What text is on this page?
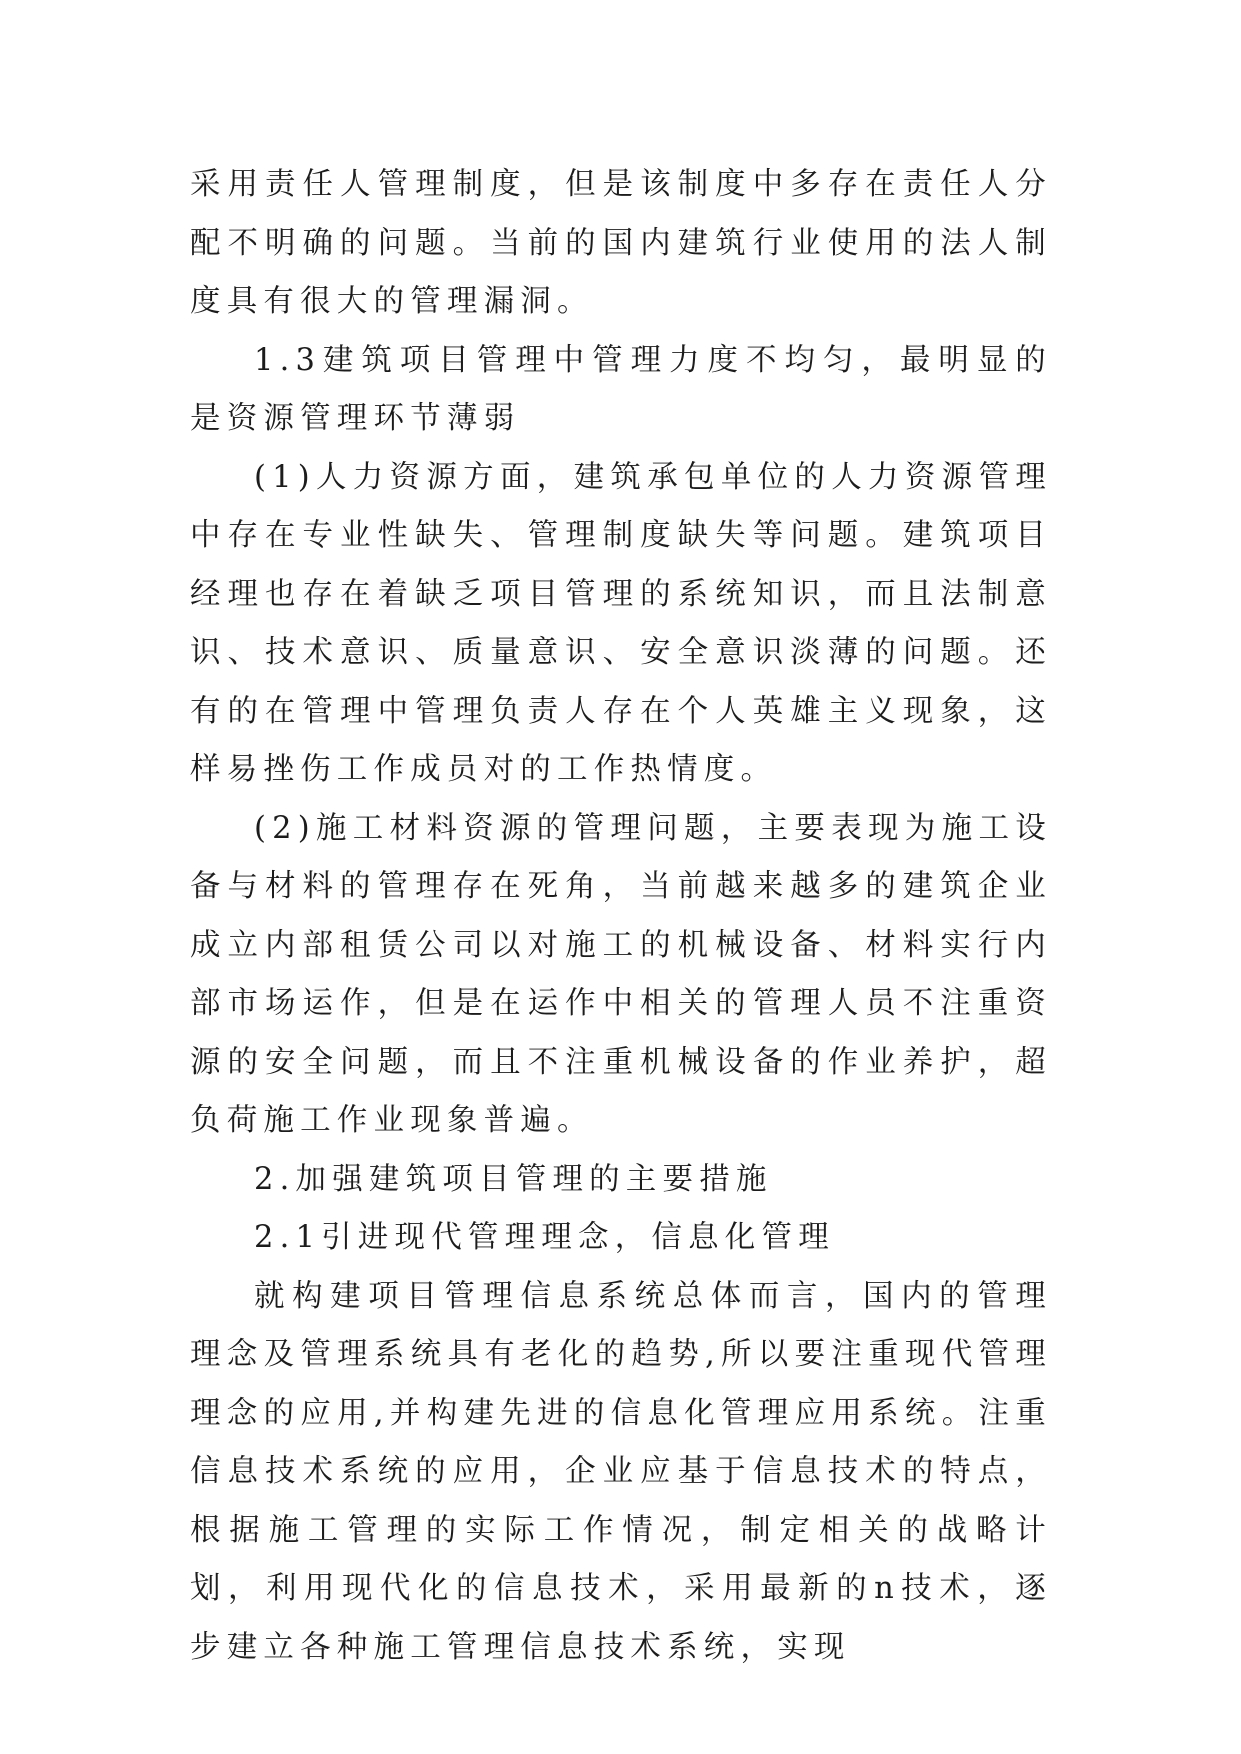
采用责任人管理制度，但是该制度中多存在责任人分配不明确的问题。当前的国内建筑行业使用的法人制度具有很大的管理漏洞。

1.3建筑项目管理中管理力度不均匀，最明显的是资源管理环节薄弱

(1)人力资源方面，建筑承包单位的人力资源管理中存在专业性缺失、管理制度缺失等问题。建筑项目经理也存在着缺乏项目管理的系统知识，而且法制意识、技术意识、质量意识、安全意识淡薄的问题。还有的在管理中管理负责人存在个人英雄主义现象，这样易挫伤工作成员对的工作热情度。

(2)施工材料资源的管理问题，主要表现为施工设备与材料的管理存在死角，当前越来越多的建筑企业成立内部租赁公司以对施工的机械设备、材料实行内部市场运作，但是在运作中相关的管理人员不注重资源的安全问题，而且不注重机械设备的作业养护，超负荷施工作业现象普遍。

2.加强建筑项目管理的主要措施

2.1引进现代管理理念，信息化管理

就构建项目管理信息系统总体而言，国内的管理理念及管理系统具有老化的趋势,所以要注重现代管理理念的应用,并构建先进的信息化管理应用系统。注重信息技术系统的应用，企业应基于信息技术的特点，根据施工管理的实际工作情况，制定相关的战略计划，利用现代化的信息技术，采用最新的n技术，逐步建立各种施工管理信息技术系统，实现
